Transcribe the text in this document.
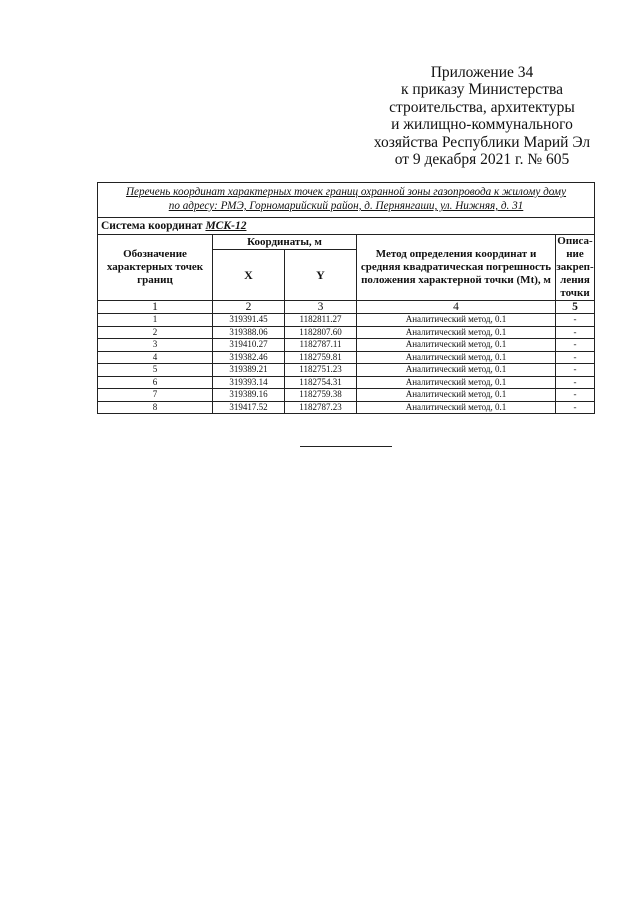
Приложение 34
к приказу Министерства
строительства, архитектуры
и жилищно-коммунального
хозяйства Республики Марий Эл
от 9 декабря 2021 г. № 605
Перечень координат характерных точек границ охранной зоны газопровода к жилому дому
по адресу: РМЭ, Горномарийский район, д. Пернянгаши, ул. Нижняя, д. 31				

Система координат МСК-12				
Обозначение характерных точек границ	Координаты, м		Метод определения координат и средняя квадратическая погрешность положения характерной точки (Mt), м	Описа-ние закреп-ления точки
	X	Y		
1	2	3	4	5
1	319391.45	1182811.27	Аналитический метод, 0.1	-
2	319388.06	1182807.60	Аналитический метод, 0.1	-
3	319410.27	1182787.11	Аналитический метод, 0.1	-
4	319382.46	1182759.81	Аналитический метод, 0.1	-
5	319389.21	1182751.23	Аналитический метод, 0.1	-
6	319393.14	1182754.31	Аналитический метод, 0.1	-
7	319389.16	1182759.38	Аналитический метод, 0.1	-
8	319417.52	1182787.23	Аналитический метод, 0.1	-
